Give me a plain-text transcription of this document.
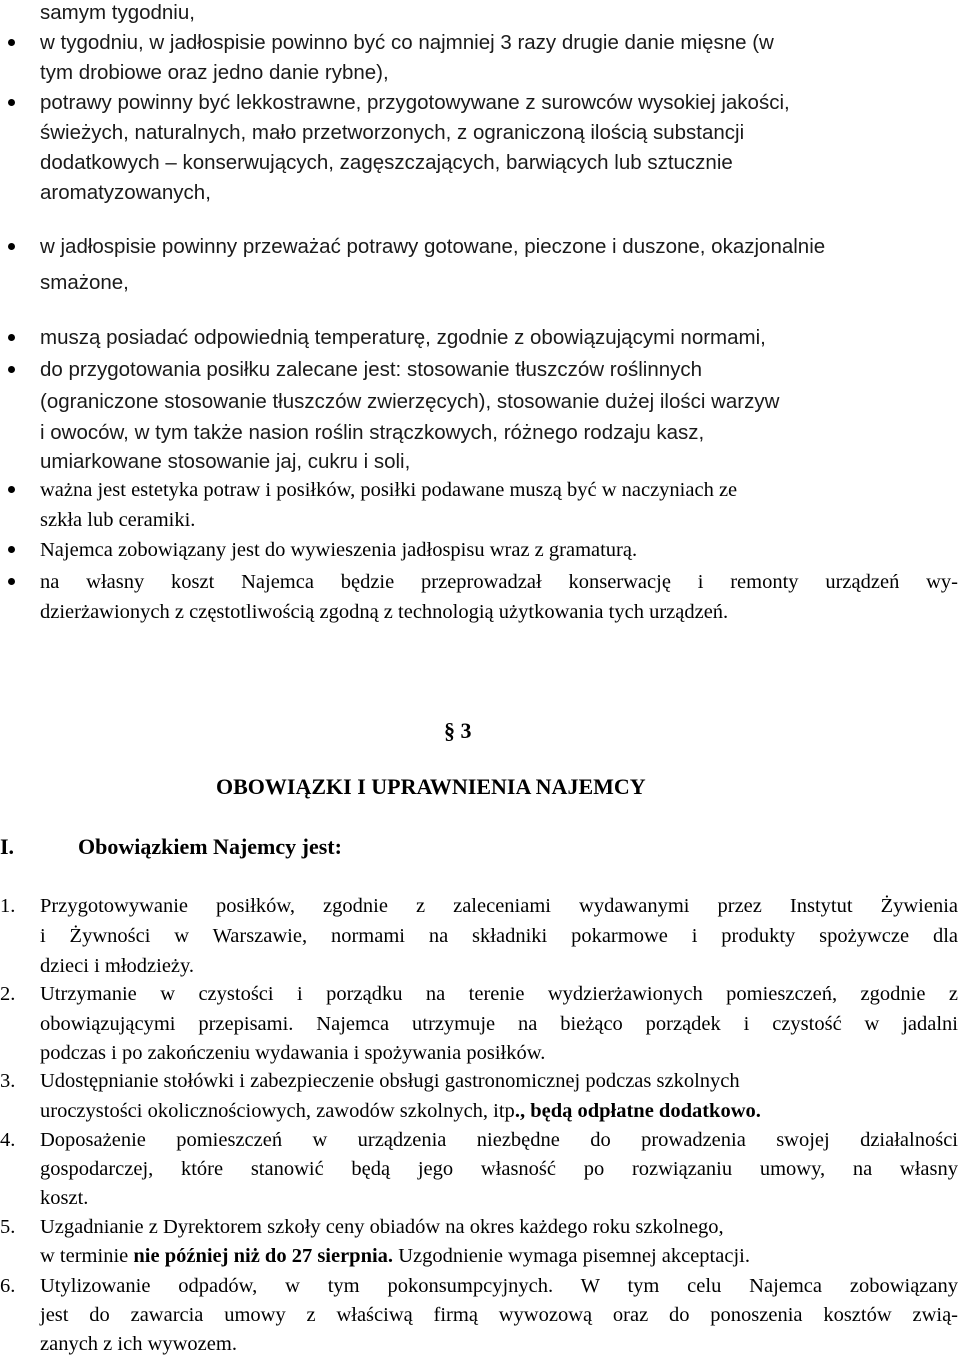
samym tygodniu,
w tygodniu, w jadłospisie powinno być co najmniej 3 razy drugie danie mięsne (w
tym drobiowe oraz jedno danie rybne),
potrawy powinny być lekkostrawne, przygotowywane z surowców wysokiej jakości,
świeżych, naturalnych, mało przetworzonych, z ograniczoną ilością substancji
dodatkowych – konserwujących, zagęszczających, barwiących lub sztucznie
aromatyzowanych,
w jadłospisie powinny przeważać potrawy gotowane, pieczone i duszone, okazjonalnie
smażone,
muszą posiadać odpowiednią temperaturę, zgodnie z obowiązującymi normami,
do przygotowania posiłku zalecane jest: stosowanie tłuszczów roślinnych
(ograniczone stosowanie tłuszczów zwierzęcych), stosowanie dużej ilości warzyw
i owoców, w tym także nasion roślin strączkowych, różnego rodzaju kasz,
umiarkowane stosowanie jaj, cukru i soli,
ważna jest estetyka potraw i posiłków, posiłki podawane muszą być w naczyniach ze
szkła lub ceramiki.
Najemca zobowiązany jest do wywieszenia jadłospisu wraz z gramaturą.
na własny koszt Najemca będzie przeprowadzał konserwację i remonty urządzeń wy-
dzierżawionych z częstotliwością zgodną z technologią użytkowania tych urządzeń.
§ 3
OBOWIĄZKI I UPRAWNIENIA NAJEMCY
I.	Obowiązkiem Najemcy jest:
1. Przygotowywanie posiłków, zgodnie z zaleceniami wydawanymi przez Instytut Żywienia
i Żywności w Warszawie, normami na składniki pokarmowe i produkty spożywcze dla
dzieci i młodzieży.
2. Utrzymanie w czystości i porządku na terenie wydzierżawionych pomieszczeń, zgodnie z
obowiązującymi przepisami. Najemca utrzymuje na bieżąco porządek i czystość w jadalni
podczas i po zakończeniu wydawania i spożywania posiłków.
3. Udostępnianie stołówki i zabezpieczenie obsługi gastronomicznej podczas szkolnych
uroczystości okolicznościowych, zawodów szkolnych, itp., będą odpłatne dodatkowo.
4. Doposażenie pomieszczeń w urządzenia niezbędne do prowadzenia swojej działalności
gospodarczej, które stanowić będą jego własność po rozwiązaniu umowy, na własny
koszt.
5. Uzgadnianie z Dyrektorem szkoły ceny obiadów na okres każdego roku szkolnego,
w terminie nie później niż do 27 sierpnia. Uzgodnienie wymaga pisemnej akceptacji.
6. Utylizowanie odpadów, w tym pokonsumpcyjnych. W tym celu Najemca zobowiązany
jest do zawarcia umowy z właściwą firmą wywozową oraz do ponoszenia kosztów zwią-
zanych z ich wywozem.
